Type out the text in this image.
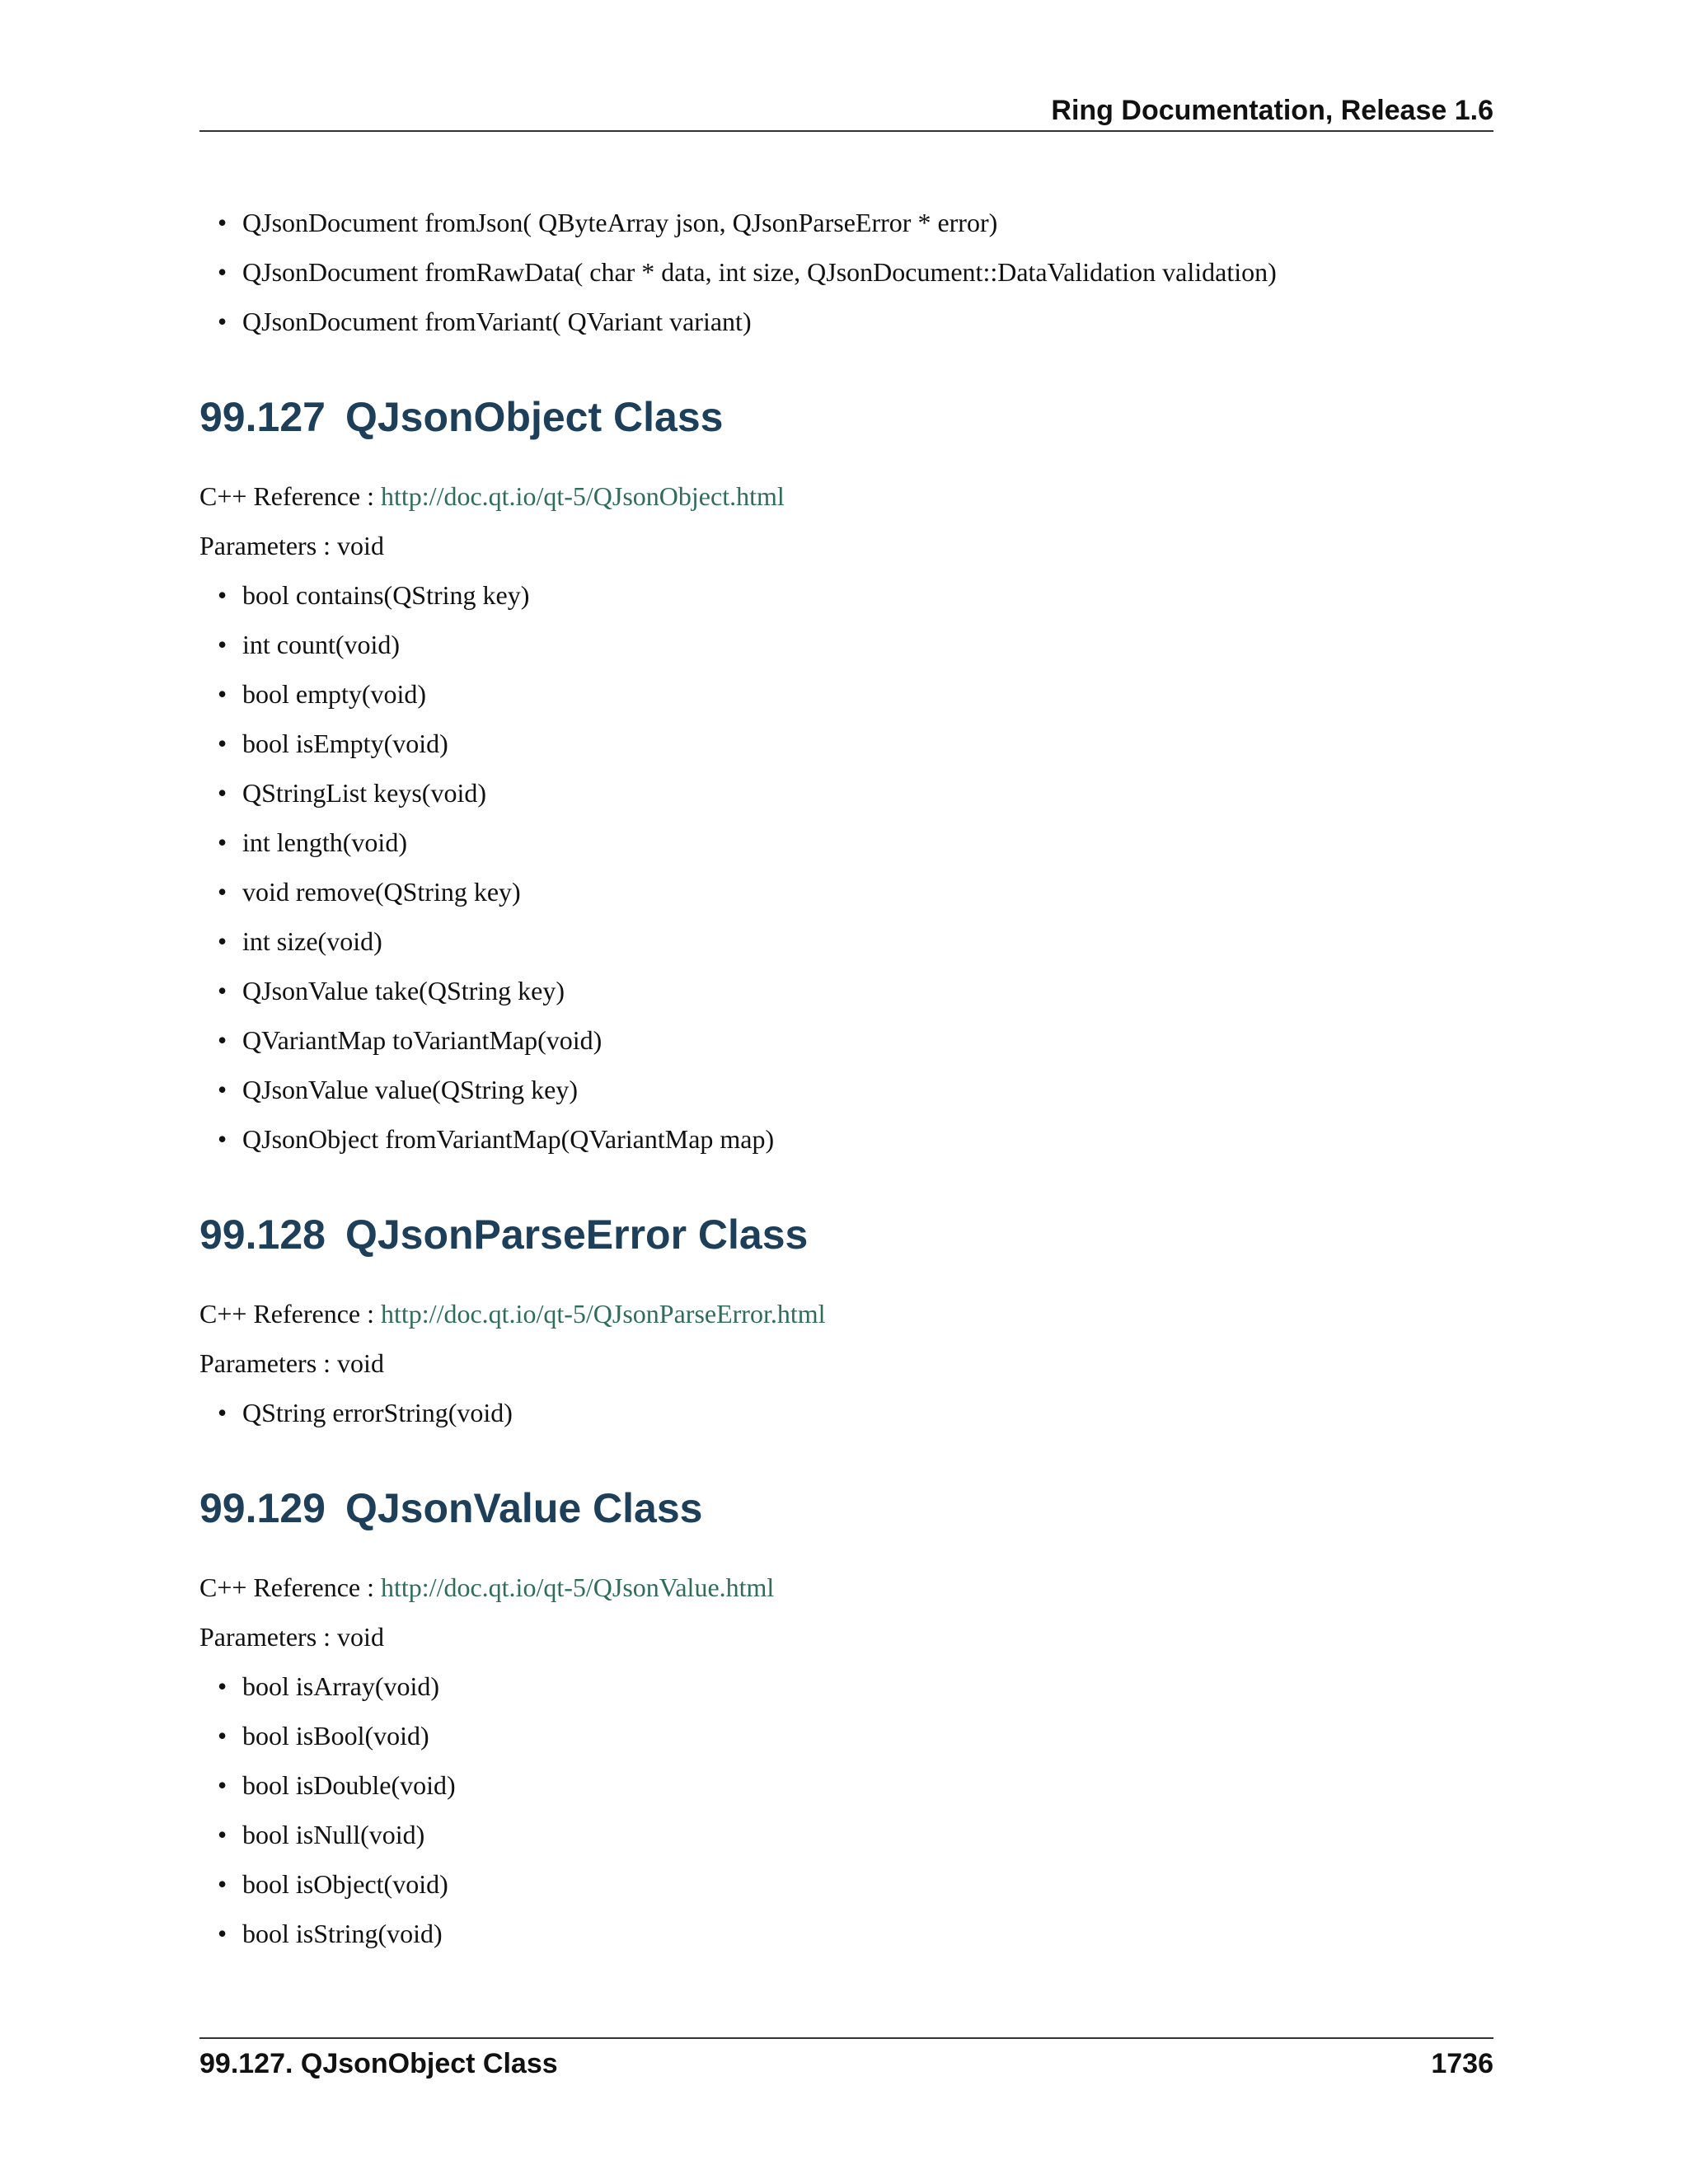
Ring Documentation, Release 1.6
• QJsonDocument fromJson( QByteArray json, QJsonParseError * error)
• QJsonDocument fromRawData( char * data, int size, QJsonDocument::DataValidation validation)
• QJsonDocument fromVariant( QVariant variant)
99.127 QJsonObject Class

C++ Reference : http://doc.qt.io/qt-5/QJsonObject.html

Parameters : void

• bool contains(QString key)
• int count(void)
• bool empty(void)
• bool isEmpty(void)
• QStringList keys(void)
• int length(void)
• void remove(QString key)
• int size(void)
• QJsonValue take(QString key)
• QVariantMap toVariantMap(void)
• QJsonValue value(QString key)
• QJsonObject fromVariantMap(QVariantMap map)
99.128 QJsonParseError Class

C++ Reference : http://doc.qt.io/qt-5/QJsonParseError.html

Parameters : void

• QString errorString(void)
99.129 QJsonValue Class

C++ Reference : http://doc.qt.io/qt-5/QJsonValue.html

Parameters : void

• bool isArray(void)
• bool isBool(void)
• bool isDouble(void)
• bool isNull(void)
• bool isObject(void)
• bool isString(void)
99.127. QJsonObject Class	1736
